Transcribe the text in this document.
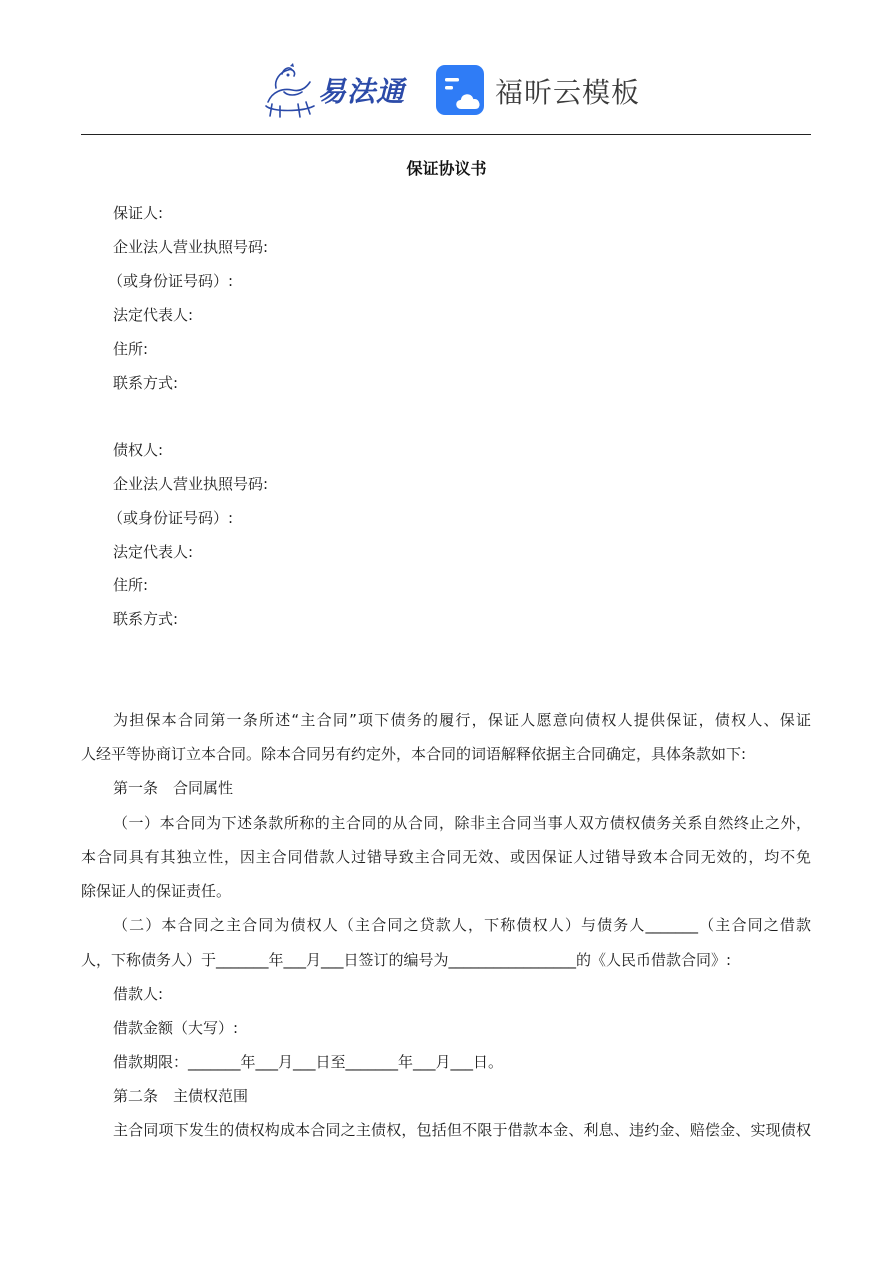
易法通	福昕云模板
保证协议书
保证人:
企业法人营业执照号码:
（或身份证号码）:
法定代表人:
住所:
联系方式:
债权人:
企业法人营业执照号码:
（或身份证号码）:
法定代表人:
住所:
联系方式:
为担保本合同第一条所述“主合同”项下债务的履行，保证人愿意向债权人提供保证，债权人、保证
人经平等协商订立本合同。除本合同另有约定外，本合同的词语解释依据主合同确定，具体条款如下:
第一条　合同属性
（一）本合同为下述条款所称的主合同的从合同，除非主合同当事人双方债权债务关系自然终止之外，
本合同具有其独立性，因主合同借款人过错导致主合同无效、或因保证人过错导致本合同无效的，均不免
除保证人的保证责任。
（二）本合同之主合同为债权人（主合同之贷款人，下称债权人）与债务人_______（主合同之借款
人，下称债务人）于_______年___月___日签订的编号为_________________的《人民币借款合同》:
借款人:
借款金额（大写）:
借款期限：_______年___月___日至_______年___月___日。
第二条　主债权范围
主合同项下发生的债权构成本合同之主债权，包括但不限于借款本金、利息、违约金、赔偿金、实现债权
